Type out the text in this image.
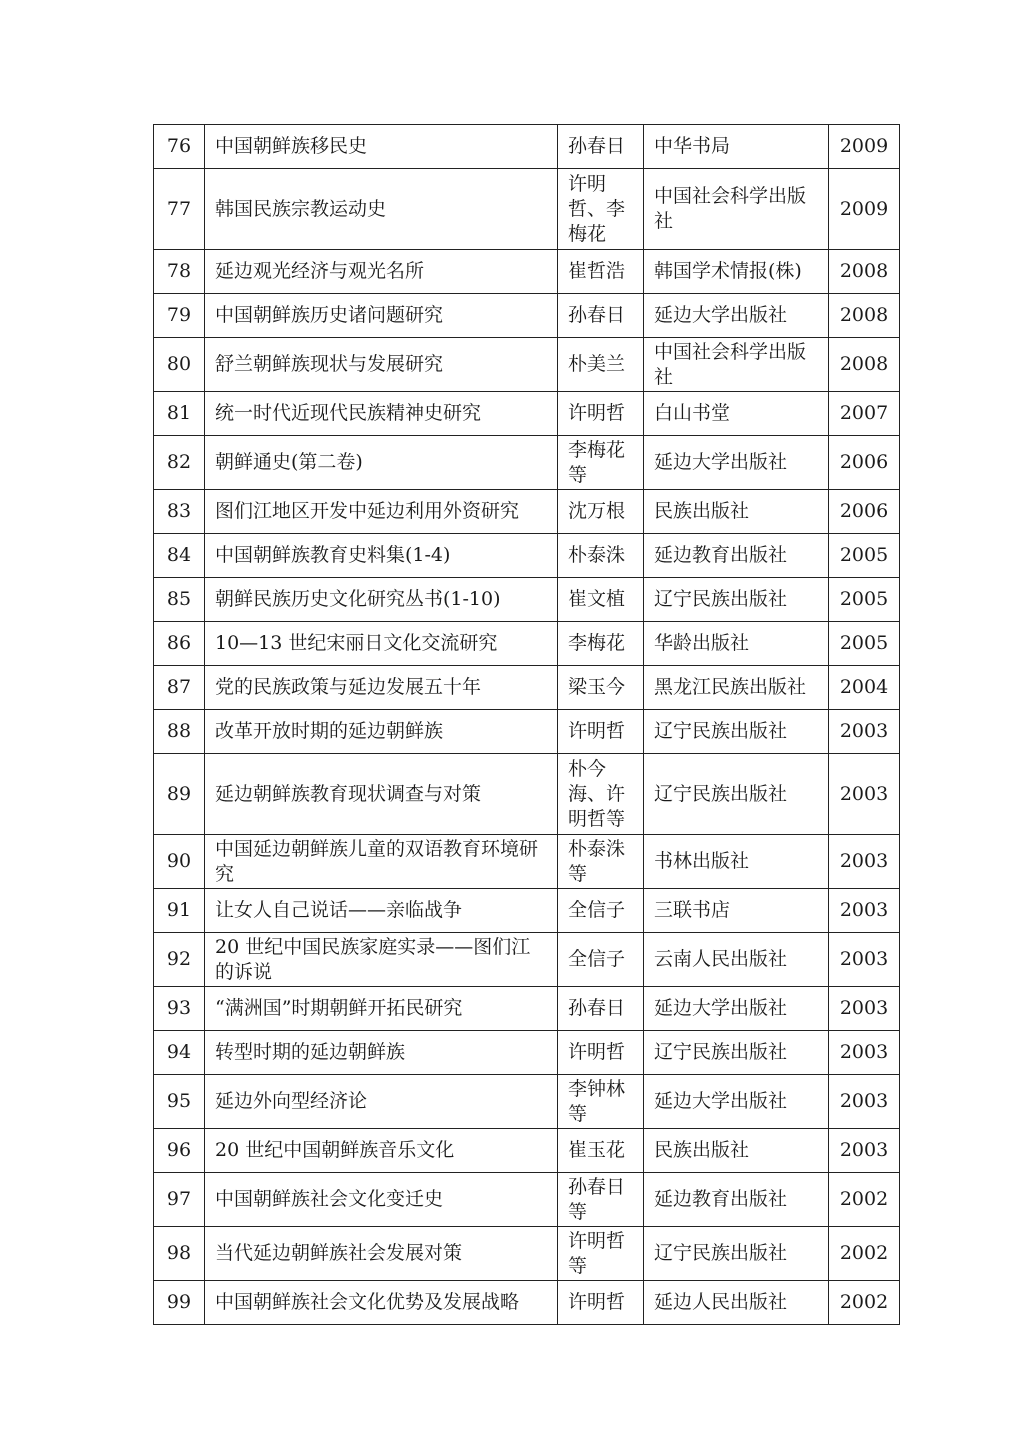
76	中国朝鲜族移民史	孙春日	中华书局	2009
77	韩国民族宗教运动史	许明哲、李梅花	中国社会科学出版社	2009
78	延边观光经济与观光名所	崔哲浩	韩国学术情报(株)	2008
79	中国朝鲜族历史诸问题研究	孙春日	延边大学出版社	2008
80	舒兰朝鲜族现状与发展研究	朴美兰	中国社会科学出版社	2008
81	统一时代近现代民族精神史研究	许明哲	白山书堂	2007
82	朝鲜通史(第二卷)	李梅花等	延边大学出版社	2006
83	图们江地区开发中延边利用外资研究	沈万根	民族出版社	2006
84	中国朝鲜族教育史料集(1-4)	朴泰洙	延边教育出版社	2005
85	朝鲜民族历史文化研究丛书(1-10)	崔文植	辽宁民族出版社	2005
86	10—13 世纪宋丽日文化交流研究	李梅花	华龄出版社	2005
87	党的民族政策与延边发展五十年	梁玉今	黑龙江民族出版社	2004
88	改革开放时期的延边朝鲜族	许明哲	辽宁民族出版社	2003
89	延边朝鲜族教育现状调查与对策	朴今海、许明哲等	辽宁民族出版社	2003
90	中国延边朝鲜族儿童的双语教育环境研究	朴泰洙等	书林出版社	2003
91	让女人自己说话——亲临战争	全信子	三联书店	2003
92	20 世纪中国民族家庭实录——图们江的诉说	全信子	云南人民出版社	2003
93	“满洲国”时期朝鲜开拓民研究	孙春日	延边大学出版社	2003
94	转型时期的延边朝鲜族	许明哲	辽宁民族出版社	2003
95	延边外向型经济论	李钟林等	延边大学出版社	2003
96	20 世纪中国朝鲜族音乐文化	崔玉花	民族出版社	2003
97	中国朝鲜族社会文化变迁史	孙春日等	延边教育出版社	2002
98	当代延边朝鲜族社会发展对策	许明哲等	辽宁民族出版社	2002
99	中国朝鲜族社会文化优势及发展战略	许明哲	延边人民出版社	2002
